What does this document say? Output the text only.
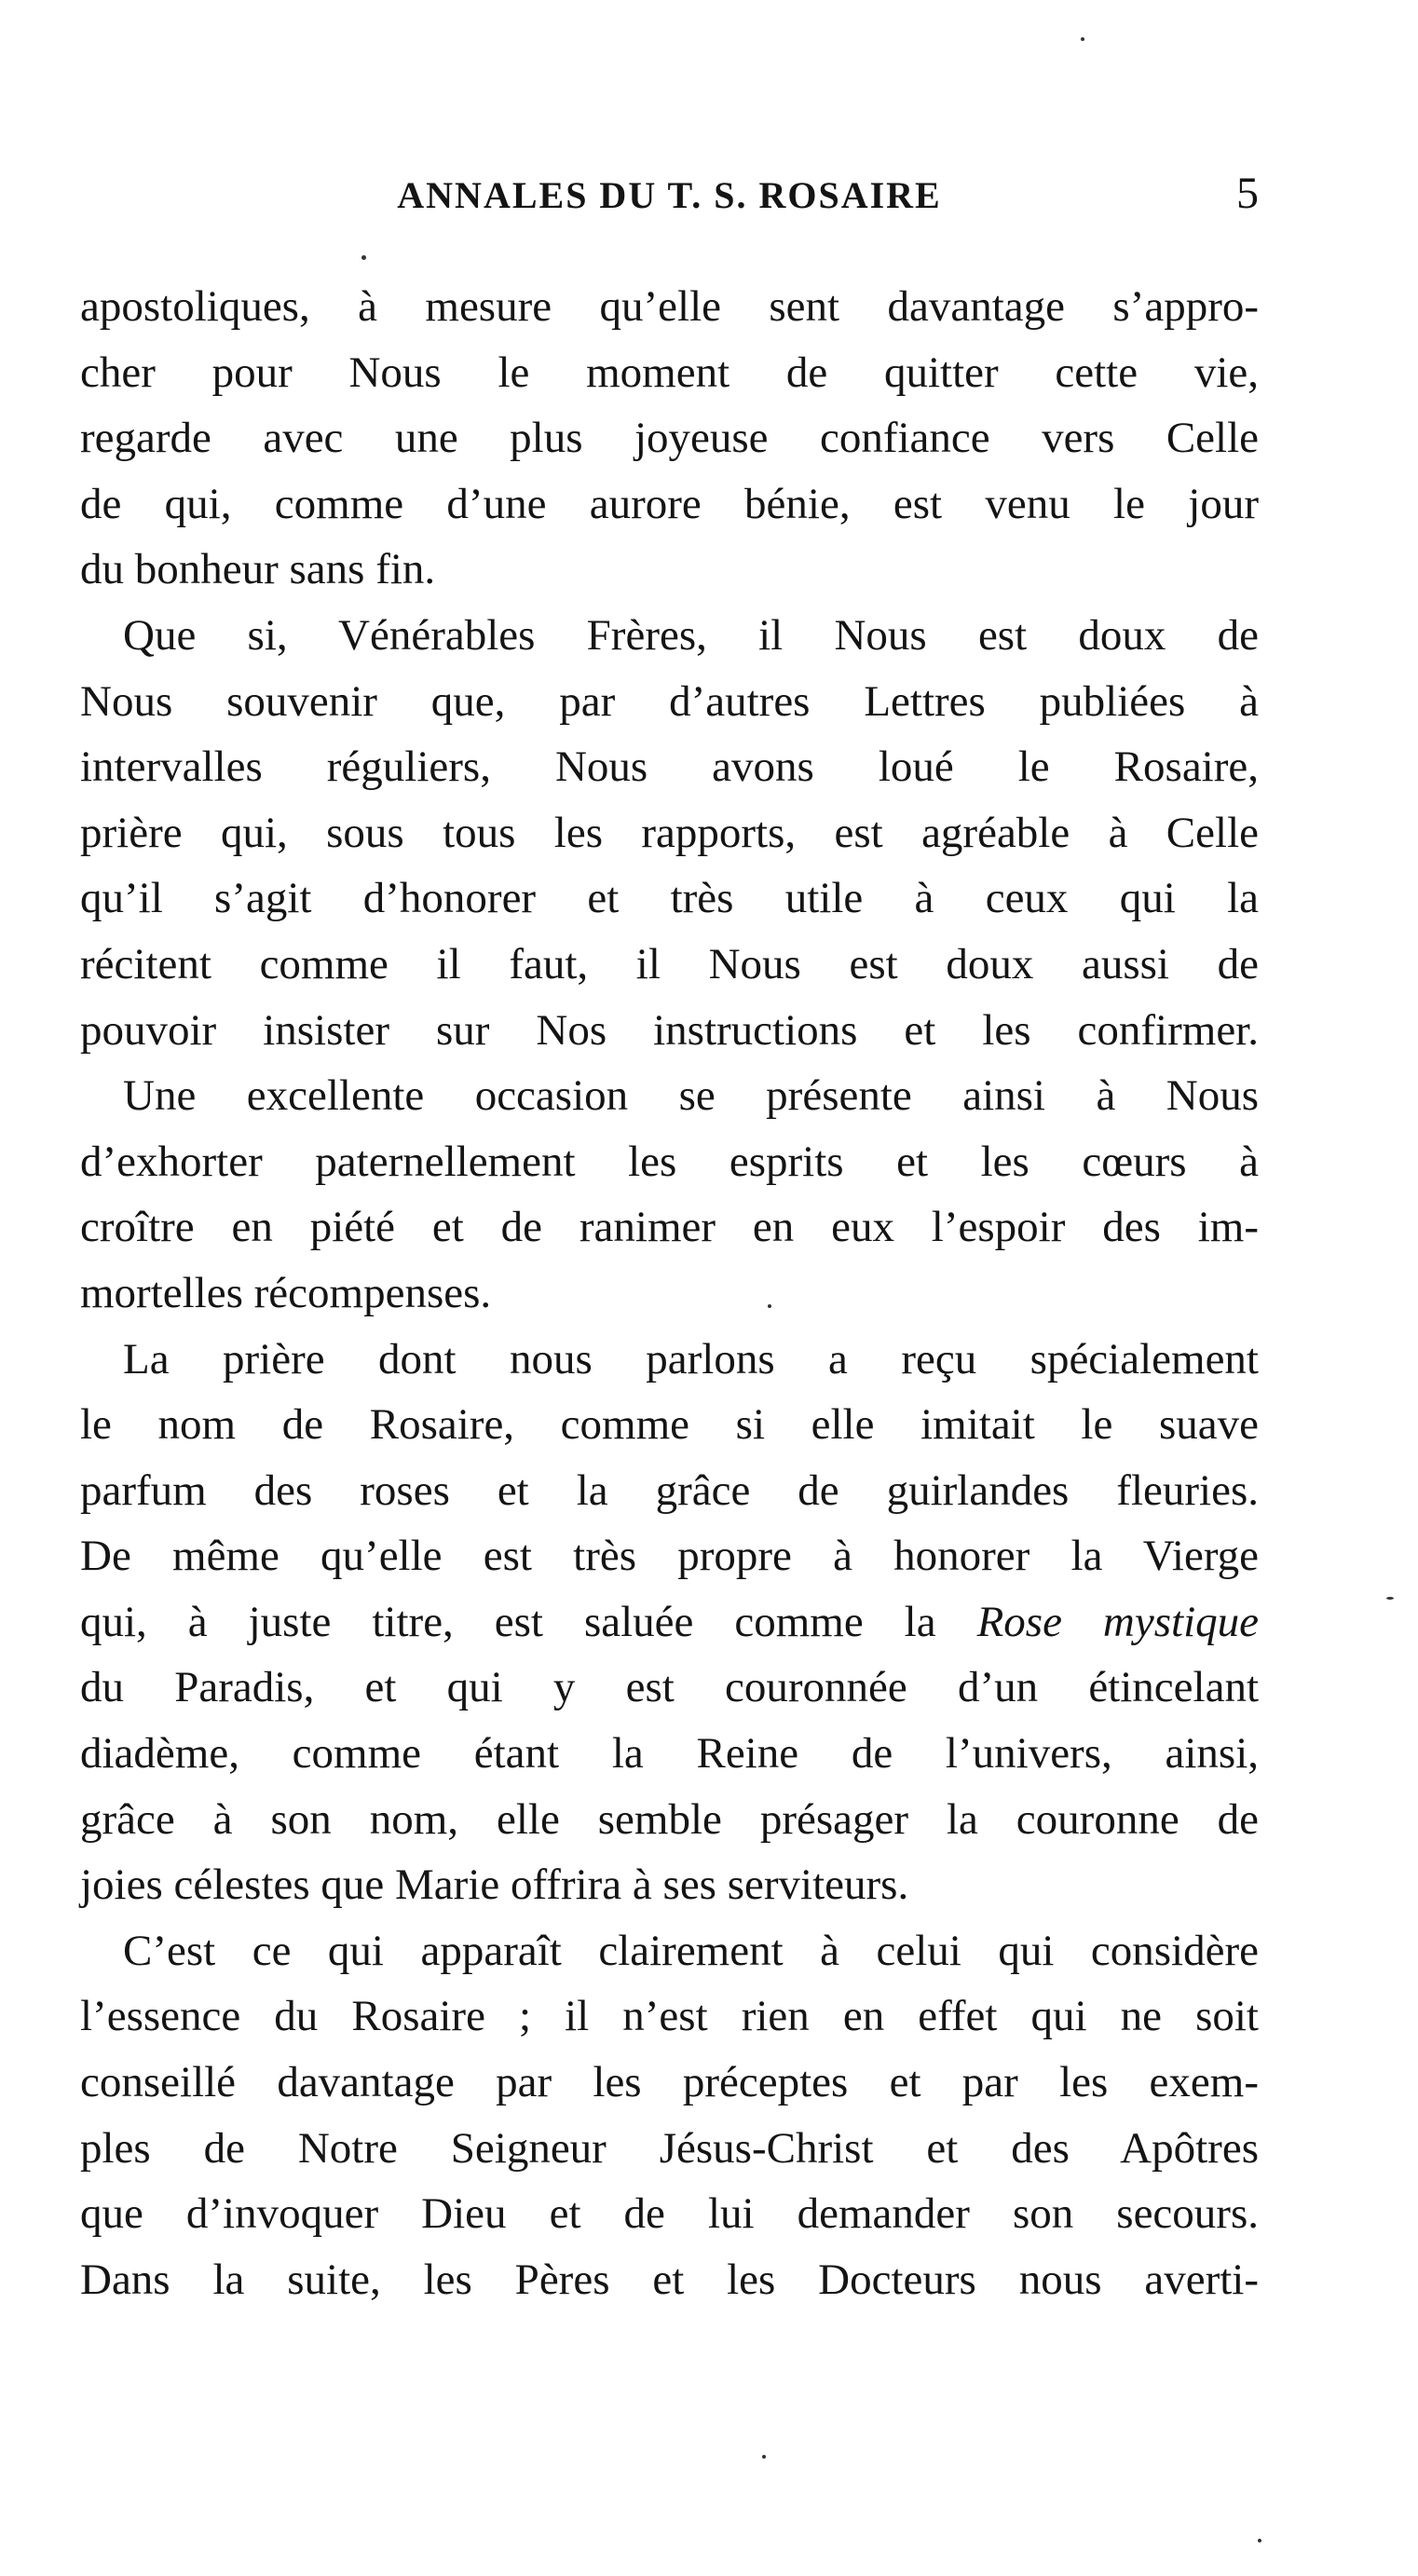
ANNALES DU T. S. ROSAIRE	5

apostoliques, à mesure qu’elle sent davantage s’appro-
cher pour Nous le moment de quitter cette vie,
regarde avec une plus joyeuse confiance vers Celle
de qui, comme d’une aurore bénie, est venu le jour
du bonheur sans fin.

Que si, Vénérables Frères, il Nous est doux de
Nous souvenir que, par d’autres Lettres publiées à
intervalles réguliers, Nous avons loué le Rosaire,
prière qui, sous tous les rapports, est agréable à Celle
qu’il s’agit d’honorer et très utile à ceux qui la
récitent comme il faut, il Nous est doux aussi de
pouvoir insister sur Nos instructions et les confirmer.

Une excellente occasion se présente ainsi à Nous
d’exhorter paternellement les esprits et les cœurs à
croître en piété et de ranimer en eux l’espoir des im-
mortelles récompenses.

La prière dont nous parlons a reçu spécialement
le nom de Rosaire, comme si elle imitait le suave
parfum des roses et la grâce de guirlandes fleuries.
De même qu’elle est très propre à honorer la Vierge
qui, à juste titre, est saluée comme la Rose mystique
du Paradis, et qui y est couronnée d’un étincelant
diadème, comme étant la Reine de l’univers, ainsi,
grâce à son nom, elle semble présager la couronne de
joies célestes que Marie offrira à ses serviteurs.

C’est ce qui apparaît clairement à celui qui considère
l’essence du Rosaire ; il n’est rien en effet qui ne soit
conseillé davantage par les préceptes et par les exem-
ples de Notre Seigneur Jésus-Christ et des Apôtres
que d’invoquer Dieu et de lui demander son secours.
Dans la suite, les Pères et les Docteurs nous averti-
